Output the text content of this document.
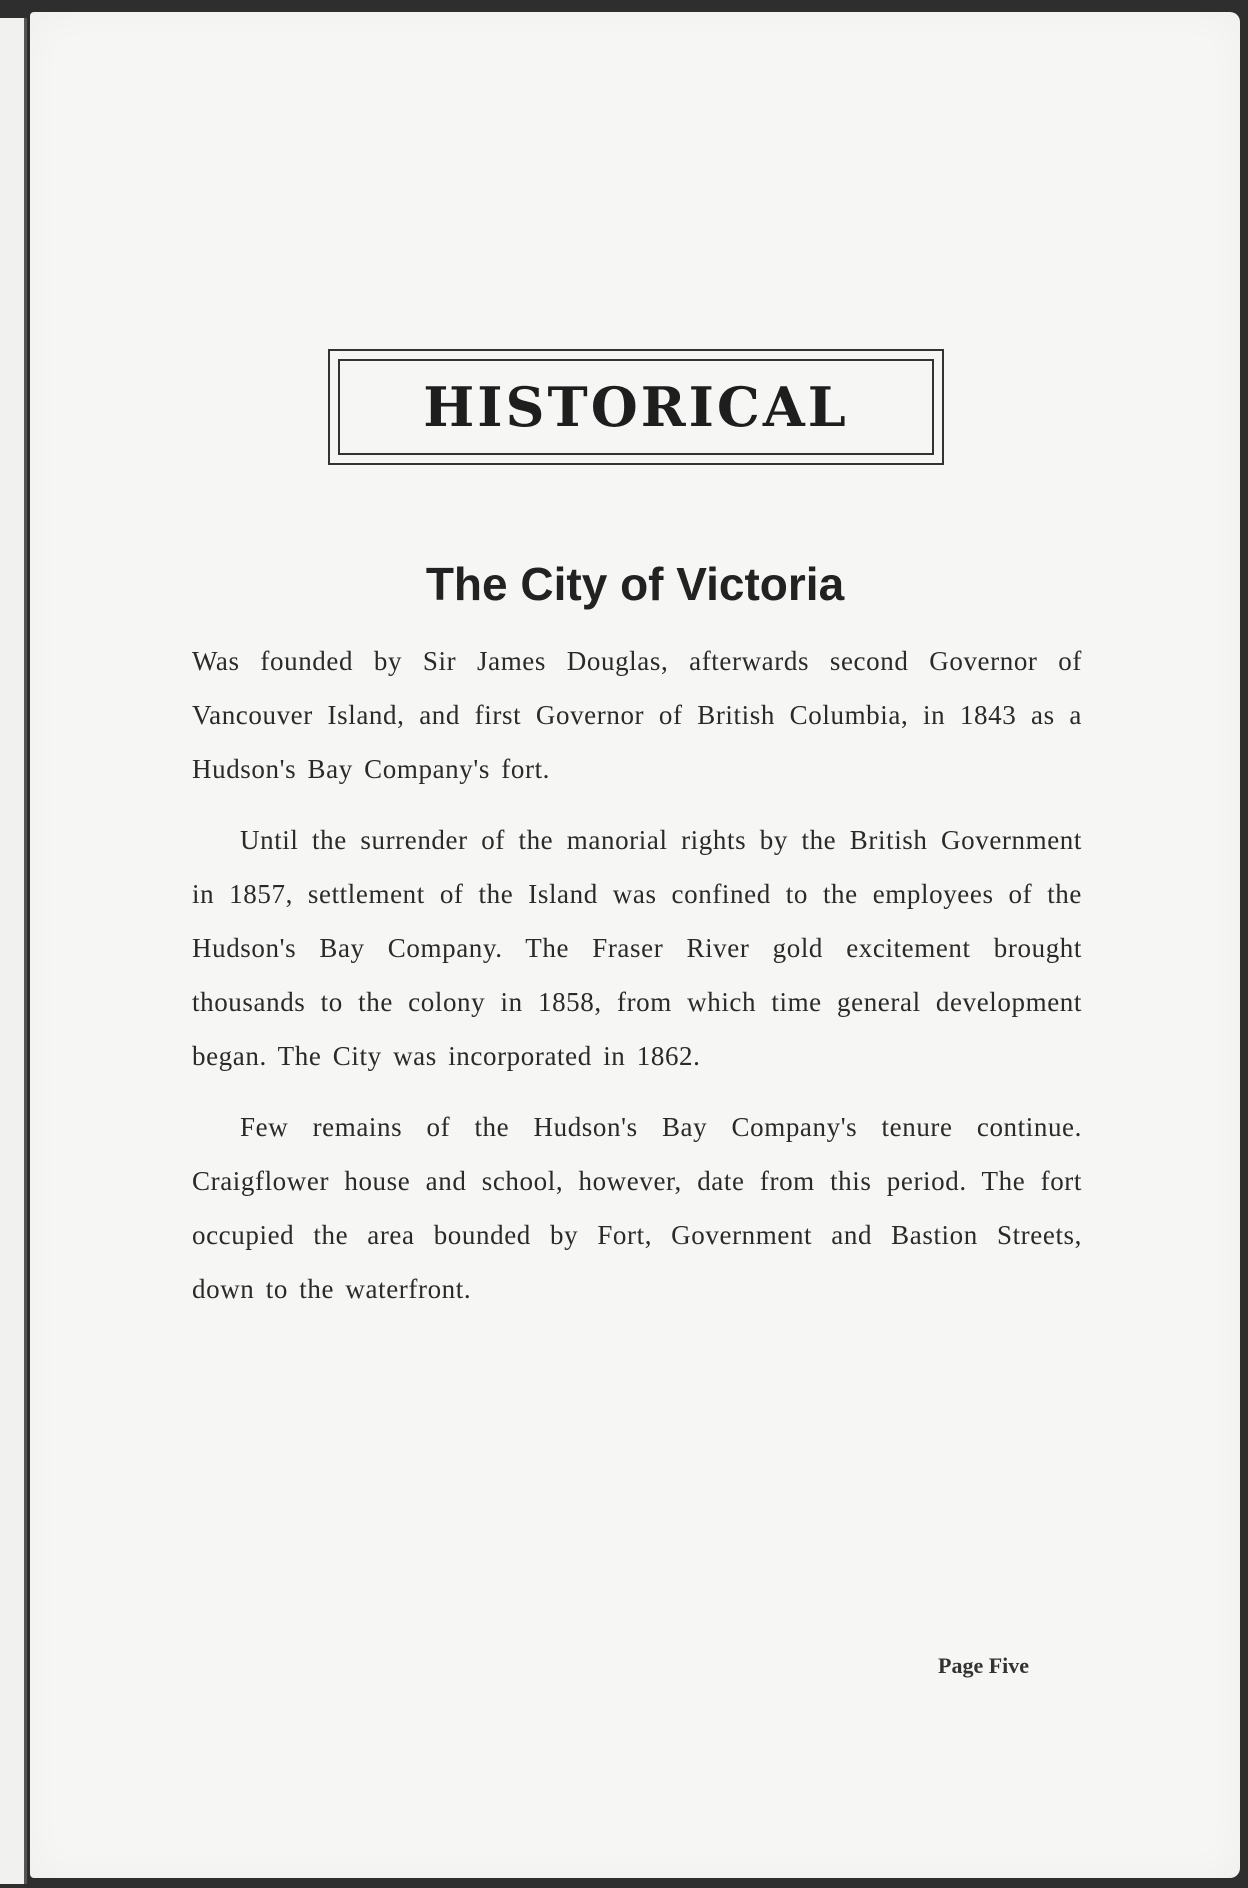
HISTORICAL
The City of Victoria

Was founded by Sir James Douglas, afterwards second Governor of Vancouver Island, and first Governor of British Columbia, in 1843 as a Hudson's Bay Company's fort.

Until the surrender of the manorial rights by the British Government in 1857, settlement of the Island was confined to the employees of the Hudson's Bay Company. The Fraser River gold excitement brought thousands to the colony in 1858, from which time general development began. The City was incorporated in 1862.

Few remains of the Hudson's Bay Company's tenure continue. Craigflower house and school, however, date from this period. The fort occupied the area bounded by Fort, Government and Bastion Streets, down to the waterfront.

Page Five
